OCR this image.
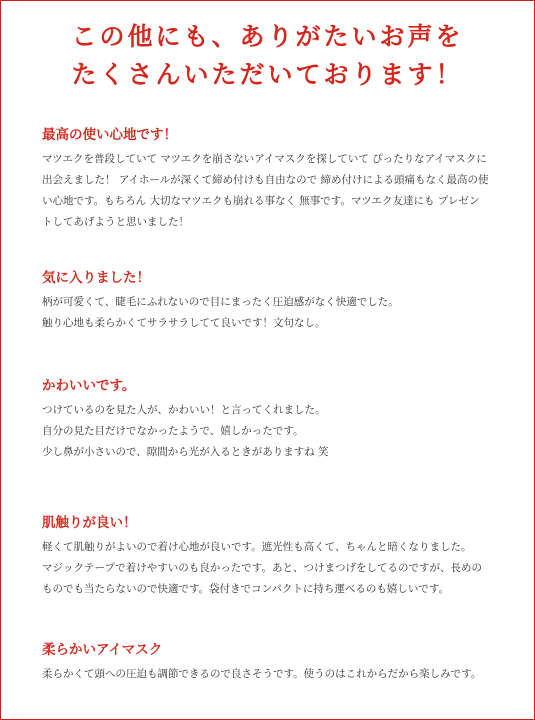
この他にも、ありがたいお声を
たくさんいただいております！
最高の使い心地です！
マツエクを普段していて マツエクを崩さないアイマスクを探していて ぴったりなアイマスクに
出会えました！ アイホールが深くて締め付けも自由なので 締め付けによる頭痛もなく最高の使
い心地です。もちろん 大切なマツエクも崩れる事なく 無事です。マツエク友達にも プレゼン
トしてあげようと思いました！
気に入りました！
柄が可愛くて、睫毛にふれないので目にまったく圧迫感がなく快適でした。
触り心地も柔らかくてサラサラしてて良いです！文句なし。
かわいいです。
つけているのを見た人が、かわいい！と言ってくれました。
自分の見た目だけでなかったようで、嬉しかったです。
少し鼻が小さいので、隙間から光が入るときがありますね 笑
肌触りが良い！
軽くて肌触りがよいので着け心地が良いです。遮光性も高くて、ちゃんと暗くなりました。
マジックテープで着けやすいのも良かったです。あと、つけまつげをしてるのですが、長めの
ものでも当たらないので快適です。袋付きでコンパクトに持ち運べるのも嬉しいです。
柔らかいアイマスク
柔らかくて頭への圧迫も調節できるので良さそうです。使うのはこれからだから楽しみです。
